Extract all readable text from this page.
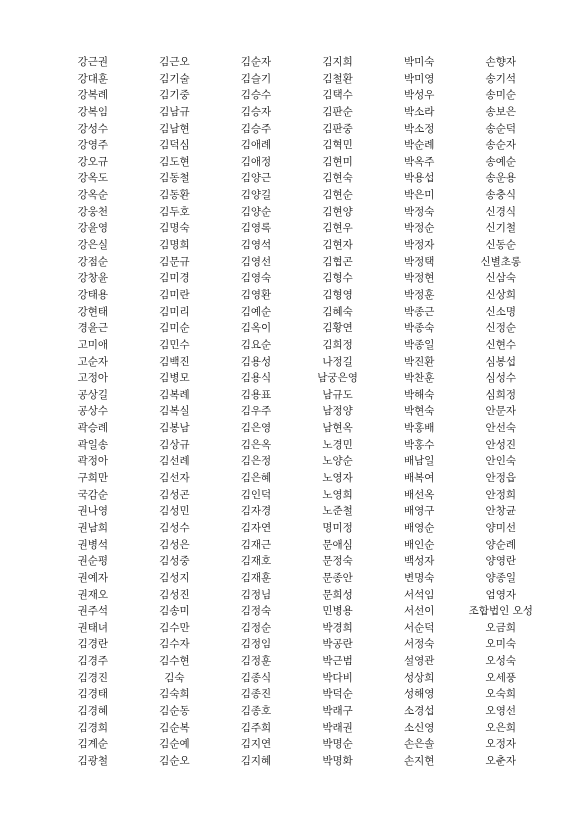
강근권	김근오	김순자	김지희	박미숙	손향자
강대훈	김기술	김슬기	김철환	박미영	송기석
강복례	김기중	김승수	김택수	박성우	송미순
강복임	김남규	김승자	김판순	박소라	송보은
강성수	김남현	김승주	김판중	박소정	송순덕
강영주	김덕심	김애례	김혁민	박순례	송순자
강오규	김도현	김애정	김현미	박옥주	송예순
강옥도	김동철	김양근	김현숙	박용섭	송운용
강옥순	김동환	김양길	김현순	박은미	송충식
강웅천	김두호	김양순	김현양	박정숙	신경식
강윤영	김명숙	김영록	김현우	박정순	신기철
강은실	김명희	김영석	김현자	박정자	신동순
강점순	김문규	김영선	김협곤	박정택	신별초롱
강창윤	김미경	김영숙	김형수	박정현	신삼숙
강태용	김미란	김영환	김형영	박정훈	신상희
강현태	김미리	김예순	김혜숙	박종근	신소명
경윤근	김미순	김옥이	김황연	박종숙	신정순
고미애	김민수	김요순	김희정	박종일	신현수
고순자	김백진	김용성	나정길	박진환	심봉섭
고정아	김병모	김용식	남궁은영	박찬훈	심성수
공상길	김복례	김용표	남규도	박해숙	심희정
공상수	김복실	김우주	남정양	박현숙	안문자
곽승례	김봉남	김은영	남현옥	박홍배	안선숙
곽일송	김상규	김은옥	노경민	박홍수	안성진
곽정아	김선례	김은정	노양순	배남일	안인숙
구희만	김선자	김은혜	노영자	배복여	안정읍
국감순	김성곤	김인덕	노영희	배선옥	안정희
권나영	김성민	김자경	노준철	배영구	안창균
권남희	김성수	김자연	명미정	배영순	양미선
권병석	김성은	김재근	문애심	배인순	양순례
권순평	김성중	김재호	문정숙	백성자	양영란
권예자	김성지	김재훈	문종안	변명숙	양종일
권재오	김성진	김정님	문희성	서석임	엄영자
권주석	김송미	김정숙	민병용	서선이	조합법인 오성
권태녀	김수만	김정순	박경희	서순덕	오금희
김경란	김수자	김정임	박공란	서정숙	오미숙
김경주	김수현	김정훈	박근범	설영관	오성숙
김경진	김숙	김종식	박다비	성상희	오세풍
김경태	김숙희	김종진	박덕순	성해영	오숙희
김경혜	김순동	김종호	박래구	소경섭	오영선
김경희	김순복	김주희	박래권	소신영	오은희
김계순	김순예	김지연	박명순	손은솔	오정자
김광철	김순오	김지혜	박명화	손지현	오춘자
